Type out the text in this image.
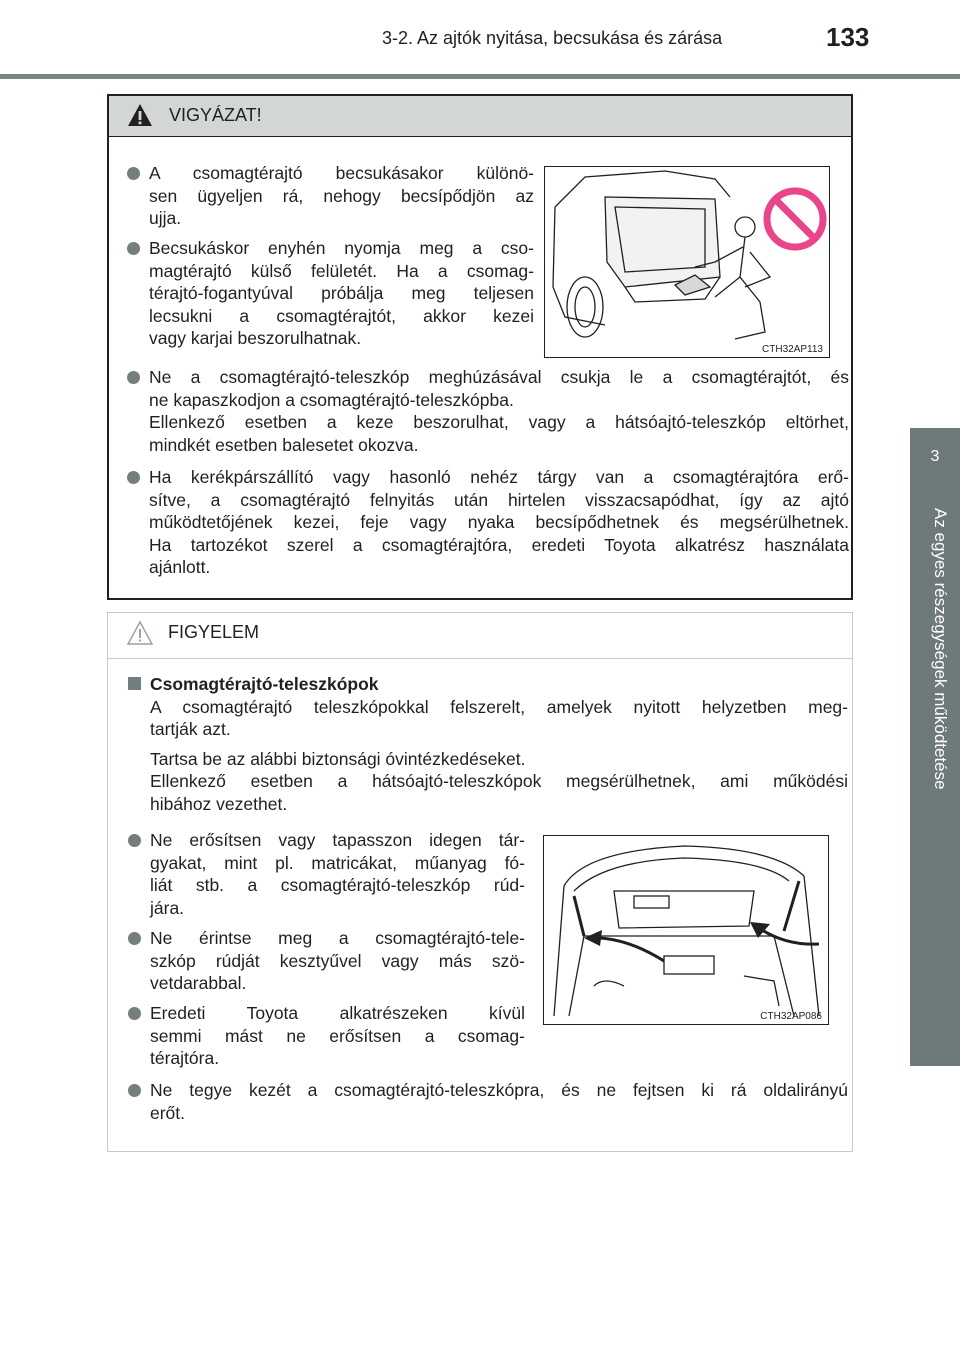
3-2. Az ajtók nyitása, becsukása és zárása	133
3
Az egyes részegységek működtetése
VIGYÁZAT!
A csomagtérajtó becsukásakor különö-
sen ügyeljen rá, nehogy becsípődjön az
ujja.
Becsukáskor enyhén nyomja meg a cso-
magtérajtó külső felületét. Ha a csomag-
térajtó-fogantyúval próbálja meg teljesen
lecsukni a csomagtérajtót, akkor kezei
vagy karjai beszorulhatnak.
CTH32AP113
Ne a csomagtérajtó-teleszkóp meghúzásával csukja le a csomagtérajtót, és
ne kapaszkodjon a csomagtérajtó-teleszkópba.
Ellenkező esetben a keze beszorulhat, vagy a hátsóajtó-teleszkóp eltörhet,
mindkét esetben balesetet okozva.
Ha kerékpárszállító vagy hasonló nehéz tárgy van a csomagtérajtóra erő-
sítve, a csomagtérajtó felnyitás után hirtelen visszacsapódhat, így az ajtó
működtetőjének kezei, feje vagy nyaka becsípődhetnek és megsérülhetnek.
Ha tartozékot szerel a csomagtérajtóra, eredeti Toyota alkatrész használata
ajánlott.
FIGYELEM
Csomagtérajtó-teleszkópok
A csomagtérajtó teleszkópokkal felszerelt, amelyek nyitott helyzetben meg-
tartják azt.
Tartsa be az alábbi biztonsági óvintézkedéseket.
Ellenkező esetben a hátsóajtó-teleszkópok megsérülhetnek, ami működési
hibához vezethet.
Ne erősítsen vagy tapasszon idegen tár-
gyakat, mint pl. matricákat, műanyag fó-
liát stb. a csomagtérajtó-teleszkóp rúd-
jára.
Ne érintse meg a csomagtérajtó-tele-
szkóp rúdját kesztyűvel vagy más szö-
vetdarabbal.
Eredeti Toyota alkatrészeken kívül
semmi mást ne erősítsen a csomag-
térajtóra.
CTH32AP086
Ne tegye kezét a csomagtérajtó-teleszkópra, és ne fejtsen ki rá oldalirányú
erőt.
